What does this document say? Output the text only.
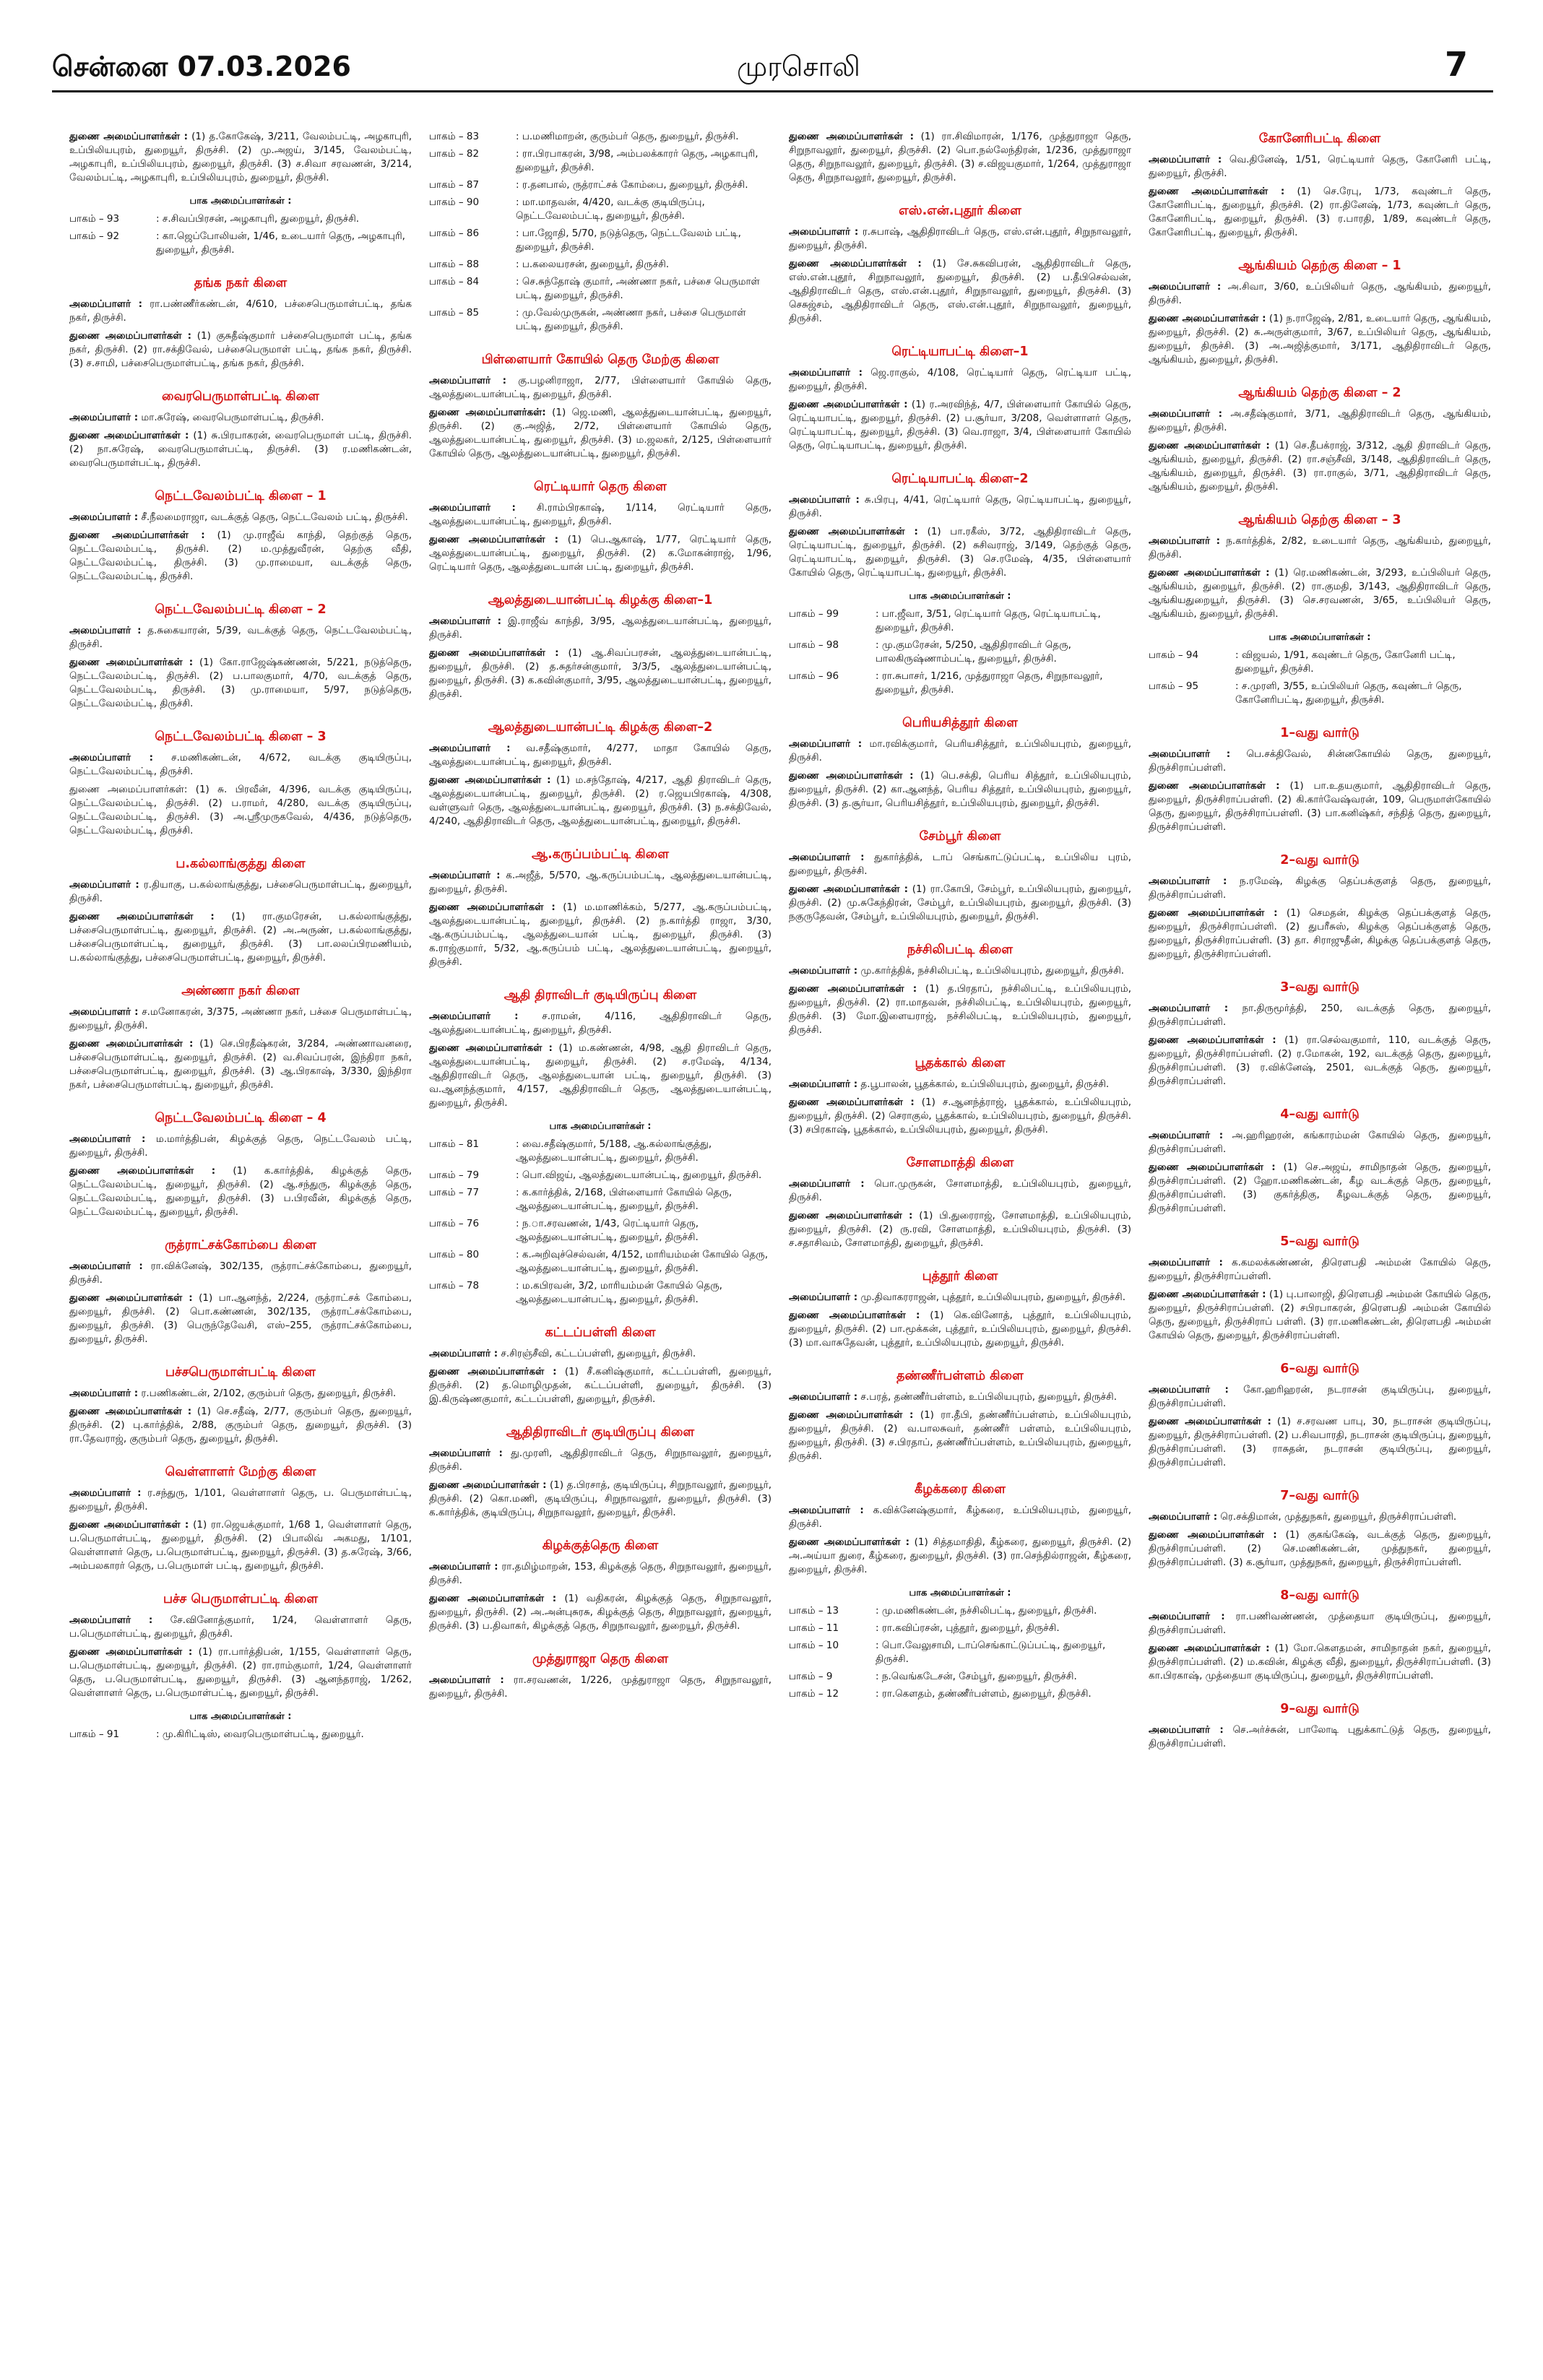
சென்னை 07.03.2026	முரசொலி	7
துணை அமைப்பாளர்கள் : (1) த.கோகேஷ், 3/211, வேலம்பட்டி, அழகாபுரி, உப்பிலியபுரம், துறையூர், திருச்சி. (2) மு.அஜய், 3/145, வேலம்பட்டி, அழகாபுரி, உப்பிலியபுரம், துறையூர், திருச்சி. (3) ச.சிவா சரவணன், 3/214, வேலம்பட்டி, அழகாபுரி, உப்பிலியபுரம், துறையூர், திருச்சி.
பாக அமைப்பாளர்கள் :
பாகம் – 93	: ச.சிவப்பிரசன், அழகாபுரி, துறையூர், திருச்சி.
பாகம் – 92	: கா.ஜெப்போலியன், 1/46, உடையார் தெரு, அழகாபுரி, துறையூர், திருச்சி.
தங்க நகர் கிளை
அமைப்பாளர் : ரா.பண்ணீர்கண்டன், 4/610, பச்சைபெருமாள்பட்டி, தங்க நகர், திருச்சி.
துணை அமைப்பாளர்கள் : (1) குசுதீஷ்குமார் பச்சைபெருமாள் பட்டி, தங்க நகர், திருச்சி. (2) ரா.சக்திவேல், பச்சைபெருமாள் பட்டி, தங்க நகர், திருச்சி. (3) ச.சாமி, பச்சைபெருமாள்பட்டி, தங்க நகர், திருச்சி.
வைரபெருமாள்பட்டி கிளை
அமைப்பாளர் : மா.சுரேஷ், வைரபெருமாள்பட்டி, திருச்சி.
துணை அமைப்பாளர்கள் : (1) சு.பிரபாகரன், வைரபெருமாள் பட்டி, திருச்சி. (2) நா.சுரேஷ், வைரபெருமாள்பட்டி, திருச்சி. (3) ர.மணிகண்டன், வைரபெருமாள்பட்டி, திருச்சி.
நெட்டவேலம்பட்டி கிளை – 1
அமைப்பாளர் : சீ.நீலமைராஜா, வடக்குத் தெரு, நெட்டவேலம் பட்டி, திருச்சி.
துணை அமைப்பாளர்கள் : (1) மு.ராஜீவ் காந்தி, தெற்குத் தெரு, நெட்டவேலம்பட்டி, திருச்சி. (2) ம.முத்துவீரன், தெற்கு வீதி, நெட்டவேலம்பட்டி, திருச்சி. (3) மு.ராமையா, வடக்குத் தெரு, நெட்டவேலம்பட்டி, திருச்சி.
நெட்டவேலம்பட்டி கிளை – 2
அமைப்பாளர் : த.சுகையாரன், 5/39, வடக்குத் தெரு, நெட்டவேலம்பட்டி, திருச்சி.
துணை அமைப்பாளர்கள் : (1) கோ.ராஜேஷ்கண்ணன், 5/221, நடுத்தெரு, நெட்டவேலம்பட்டி, திருச்சி. (2) ப.பாலகுமார், 4/70, வடக்குத் தெரு, நெட்டவேலம்பட்டி, திருச்சி. (3) மு.ராமையா, 5/97, நடுத்தெரு, நெட்டவேலம்பட்டி, திருச்சி.
நெட்டவேலம்பட்டி கிளை – 3
அமைப்பாளர் : ச.மணிகண்டன், 4/672, வடக்கு குடியிருப்பு, நெட்டவேலம்பட்டி, திருச்சி.
துணை அமைப்பாளர்கள்: (1) சு. பிரவீன், 4/396, வடக்கு குடியிருப்பு, நெட்டவேலம்பட்டி, திருச்சி. (2) ப.ராமர், 4/280, வடக்கு குடியிருப்பு, நெட்டவேலம்பட்டி, திருச்சி. (3) அ.ஸ்ரீமுருகவேல், 4/436, நடுத்தெரு, நெட்டவேலம்பட்டி, திருச்சி.
ப.கல்லாங்குத்து கிளை
அமைப்பாளர் : ர.தியாகு, ப.கல்லாங்குத்து, பச்சைபெருமாள்பட்டி, துறையூர், திருச்சி.
துணை அமைப்பாளர்கள் : (1) ரா.குமரேசன், ப.கல்லாங்குத்து, பச்சைபெருமாள்பட்டி, துறையூர், திருச்சி. (2) அ.அருண், ப.கல்லாங்குத்து, பச்சைபெருமாள்பட்டி, துறையூர், திருச்சி. (3) பா.லலப்பிரமணியம், ப.கல்லாங்குத்து, பச்சைபெருமாள்பட்டி, துறையூர், திருச்சி.
அண்ணா நகர் கிளை
அமைப்பாளர் : ச.மனோகரன், 3/375, அண்ணா நகர், பச்சை பெருமாள்பட்டி, துறையூர், திருச்சி.
துணை அமைப்பாளர்கள் : (1) செ.பிரதீஷ்கரன், 3/284, அண்ணாவனரை, பச்சைபெருமாள்பட்டி, துறையூர், திருச்சி. (2) வ.சிவப்பரன், இந்திரா நகர், பச்சைபெருமாள்பட்டி, துறையூர், திருச்சி. (3) ஆ.பிரகாஷ், 3/330, இந்திரா நகர், பச்சைபெருமாள்பட்டி, துறையூர், திருச்சி.
நெட்டவேலம்பட்டி கிளை – 4
அமைப்பாளர் : ம.மார்த்திபன், கிழக்குத் தெரு, நெட்டவேலம் பட்டி, துறையூர், திருச்சி.
துணை அமைப்பாளர்கள் : (1) க.கார்த்திக், கிழக்குத் தெரு, நெட்டவேலம்பட்டி, துறையூர், திருச்சி. (2) ஆ.சந்துரு, கிழக்குத் தெரு, நெட்டவேலம்பட்டி, துறையூர், திருச்சி. (3) ப.பிரவீன், கிழக்குத் தெரு, நெட்டவேலம்பட்டி, துறையூர், திருச்சி.
ருத்ராட்சக்கோம்பை கிளை
அமைப்பாளர் : ரா.விக்னேஷ், 302/135, ருத்ராட்சக்கோம்பை, துறையூர், திருச்சி.
துணை அமைப்பாளர்கள் : (1) பா.ஆனந்த், 2/224, ருத்ராட்சக் கோம்பை, துறையூர், திருச்சி. (2) பொ.கண்ணன், 302/135, ருத்ராட்சக்கோம்பை, துறையூர், திருச்சி. (3) பெருந்தேவேசி, எஸ்–255, ருத்ராட்சக்கோம்பை, துறையூர், திருச்சி.
பச்சபெருமாள்பட்டி கிளை
அமைப்பாளர் : ர.பணிகண்டன், 2/102, குரும்பர் தெரு, துறையூர், திருச்சி.
துணை அமைப்பாளர்கள் : (1) செ.சதீஷ், 2/77, குரும்பர் தெரு, துறையூர், திருச்சி. (2) பு.கார்த்திக், 2/88, குரும்பர் தெரு, துறையூர், திருச்சி. (3) ரா.தேவராஜ், குரும்பர் தெரு, துறையூர், திருச்சி.
வெள்ளாளர் மேற்கு கிளை
அமைப்பாளர் : ர.சந்துரு, 1/101, வெள்ளாளர் தெரு, ப. பெருமாள்பட்டி, துறையூர், திருச்சி.
துணை அமைப்பாளர்கள் : (1) ரா.ஜெயக்குமார், 1/68 1, வெள்ளாளர் தெரு, ப.பெருமாள்பட்டி, துறையூர், திருச்சி. (2) பிபாலிவ் அகமது, 1/101, வெள்ளாளர் தெரு, ப.பெருமாள்பட்டி, துறையூர், திருச்சி. (3) த.சுரேஷ், 3/66, அம்பலகாரர் தெரு, ப.பெருமாள் பட்டி, துறையூர், திருச்சி.
பச்ச பெருமாள்பட்டி கிளை
அமைப்பாளர் : சே.வினோத்குமார், 1/24, வெள்ளாளர் தெரு, ப.பெருமாள்பட்டி, துறையூர், திருச்சி.
துணை அமைப்பாளர்கள் : (1) ரா.பார்த்திபன், 1/155, வெள்ளாளர் தெரு, ப.பெருமாள்பட்டி, துறையூர், திருச்சி. (2) ரா.ராம்குமார், 1/24, வெள்ளாளர் தெரு, ப.பெருமாள்பட்டி, துறையூர், திருச்சி. (3) ஆனந்தராஜ், 1/262, வெள்ளாளர் தெரு, ப.பெருமாள்பட்டி, துறையூர், திருச்சி.
பாக அமைப்பாளர்கள் :
பாகம் – 91	: மு.கிரிட்டிஸ், வைரபெருமாள்பட்டி, துறையூர்.
பாகம் – 83	: ப.மணிமாறன், குரும்பர் தெரு, துறையூர், திருச்சி.
பாகம் – 82	: ரா.பிரபாகரன், 3/98, அம்பலக்காரர் தெரு, அழகாபுரி, துறையூர், திருச்சி.
பாகம் – 87	: ர.தனபால், ருத்ராட்சக் கோம்பை, துறையூர், திருச்சி.
பாகம் – 90	: மா.மாதவன், 4/420, வடக்கு குடியிருப்பு, நெட்டவேலம்பட்டி, துறையூர், திருச்சி.
பாகம் – 86	: பா.ஜோதி, 5/70, நடுத்தெரு, நெட்டவேலம் பட்டி, துறையூர், திருச்சி.
பாகம் – 88	: ப.கலையரசன், துறையூர், திருச்சி.
பாகம் – 84	: செ.சுந்தோஷ் குமார், அண்ணா நகர், பச்சை பெருமாள் பட்டி, துறையூர், திருச்சி.
பாகம் – 85	: மு.வேல்முருகன், அண்ணா நகர், பச்சை பெருமாள் பட்டி, துறையூர், திருச்சி.
பிள்ளையார் கோயில் தெரு மேற்கு கிளை
அமைப்பாளர் : கு.பழனிராஜா, 2/77, பிள்ளையார் கோயில் தெரு, ஆலத்துடையான்பட்டி, துறையூர், திருச்சி.
துணை அமைப்பாளர்கள்: (1) ஜெ.மணி, ஆலத்துடையான்பட்டி, துறையூர், திருச்சி. (2) கு.அஜித், 2/72, பிள்ளையார் கோயில் தெரு, ஆலத்துடையான்பட்டி, துறையூர், திருச்சி. (3) ம.ஜலகர், 2/125, பிள்ளையார் கோயில் தெரு, ஆலத்துடையான்பட்டி, துறையூர், திருச்சி.
ரெட்டியார் தெரு கிளை
அமைப்பாளர் : சி.ராம்பிரகாஷ், 1/114, ரெட்டியார் தெரு, ஆலத்துடையான்பட்டி, துறையூர், திருச்சி.
துணை அமைப்பாளர்கள் : (1) பெ.ஆகாஷ், 1/77, ரெட்டியார் தெரு, ஆலத்துடையான்பட்டி, துறையூர், திருச்சி. (2) க.மோகன்ராஜ், 1/96, ரெட்டியார் தெரு, ஆலத்துடையான் பட்டி, துறையூர், திருச்சி.
ஆலத்துடையான்பட்டி கிழக்கு கிளை–1
அமைப்பாளர் : இ.ராஜீவ் காந்தி, 3/95, ஆலத்துடையான்பட்டி, துறையூர், திருச்சி.
துணை அமைப்பாளர்கள் : (1) ஆ.சிவப்பரசன், ஆலத்துடையான்பட்டி, துறையூர், திருச்சி. (2) த.சுதர்சன்குமார், 3/3/5, ஆலத்துடையான்பட்டி, துறையூர், திருச்சி. (3) க.கவின்குமார், 3/95, ஆலத்துடையான்பட்டி, துறையூர், திருச்சி.
ஆலத்துடையான்பட்டி கிழக்கு கிளை–2
அமைப்பாளர் : வ.சதீஷ்குமார், 4/277, மாதா கோயில் தெரு, ஆலத்துடையான்பட்டி, துறையூர், திருச்சி.
துணை அமைப்பாளர்கள் : (1) ம.சந்தோஷ், 4/217, ஆதி திராவிடர் தெரு, ஆலத்துடையான்பட்டி, துறையூர், திருச்சி. (2) ர.ஜெயபிரகாஷ், 4/308, வள்ளுவர் தெரு, ஆலத்துடையான்பட்டி, துறையூர், திருச்சி. (3) ந.சக்திவேல், 4/240, ஆதிதிராவிடர் தெரு, ஆலத்துடையான்பட்டி, துறையூர், திருச்சி.
ஆ.கருப்பம்பட்டி கிளை
அமைப்பாளர் : க.அஜீத், 5/570, ஆ.கருப்பம்பட்டி, ஆலத்துடையான்பட்டி, துறையூர், திருச்சி.
துணை அமைப்பாளர்கள் : (1) ம.மாணிக்கம், 5/277, ஆ.கருப்பம்பட்டி, ஆலத்துடையான்பட்டி, துறையூர், திருச்சி. (2) ந.கார்த்தி ராஜா, 3/30, ஆ.கருப்பம்பட்டி, ஆலத்துடையான் பட்டி, துறையூர், திருச்சி. (3) க.ராஜ்குமார், 5/32, ஆ.கருப்பம் பட்டி, ஆலத்துடையான்பட்டி, துறையூர், திருச்சி.
ஆதி திராவிடர் குடியிருப்பு கிளை
அமைப்பாளர் : ச.ராமன், 4/116, ஆதிதிராவிடர் தெரு, ஆலத்துடையான்பட்டி, துறையூர், திருச்சி.
துணை அமைப்பாளர்கள் : (1) ம.கண்ணன், 4/98, ஆதி திராவிடர் தெரு, ஆலத்துடையான்பட்டி, துறையூர், திருச்சி. (2) ச.ரமேஷ், 4/134, ஆதிதிராவிடர் தெரு, ஆலத்துடையான் பட்டி, துறையூர், திருச்சி. (3) வ.ஆனந்த்குமார், 4/157, ஆதிதிராவிடர் தெரு, ஆலத்துடையான்பட்டி, துறையூர், திருச்சி.
பாக அமைப்பாளர்கள் :
பாகம் – 81	: வை.சதீஷ்குமார், 5/188, ஆ.கல்லாங்குத்து, ஆலத்துடையான்பட்டி, துறையூர், திருச்சி.
பாகம் – 79	: பொ.விஜய், ஆலத்துடையான்பட்டி, துறையூர், திருச்சி.
பாகம் – 77	: க.கார்த்திக், 2/168, பிள்ளையார் கோயில் தெரு, ஆலத்துடையான்பட்டி, துறையூர், திருச்சி.
பாகம் – 76	: ந.ா.சரவணன், 1/43, ரெட்டியார் தெரு, ஆலத்துடையான்பட்டி, துறையூர், திருச்சி.
பாகம் – 80	: க.அறிவுச்செல்வன், 4/152, மாரியம்மன் கோயில் தெரு, ஆலத்துடையான்பட்டி, துறையூர், திருச்சி.
பாகம் – 78	: ம.கபிரவன், 3/2, மாரியம்மன் கோயில் தெரு, ஆலத்துடையான்பட்டி, துறையூர், திருச்சி.
கட்டப்பள்ளி கிளை
அமைப்பாளர் : ச.சிரஞ்சீவி, கட்டப்பள்ளி, துறையூர், திருச்சி.
துணை அமைப்பாளர்கள் : (1) சீ.கனிஷ்குமார், கட்டப்பள்ளி, துறையூர், திருச்சி. (2) த.மொழிமுதன், கட்டப்பள்ளி, துறையூர், திருச்சி. (3) இ.கிருஷ்ணகுமார், கட்டப்பள்ளி, துறையூர், திருச்சி.
ஆதிதிராவிடர் குடியிருப்பு கிளை
அமைப்பாளர் : து.முரளி, ஆதிதிராவிடர் தெரு, சிறுநாவலூர், துறையூர், திருச்சி.
துணை அமைப்பாளர்கள் : (1) த.பிரசாத், குடியிருப்பு, சிறுநாவலூர், துறையூர், திருச்சி. (2) கொ.மணி, குடியிருப்பு, சிறுநாவலூர், துறையூர், திருச்சி. (3) க.கார்த்திக், குடியிருப்பு, சிறுநாவலூர், துறையூர், திருச்சி.
கிழக்குத்தெரு கிளை
அமைப்பாளர் : ரா.தமிழ்மாறன், 153, கிழக்குத் தெரு, சிறுநாவலூர், துறையூர், திருச்சி.
துணை அமைப்பாளர்கள் : (1) வதிகரன், கிழக்குத் தெரு, சிறுநாவலூர், துறையூர், திருச்சி. (2) அ.அன்புசுரசு, கிழக்குத் தெரு, சிறுநாவலூர், துறையூர், திருச்சி. (3) ப.திவாகர், கிழக்குத் தெரு, சிறுநாவலூர், துறையூர், திருச்சி.
முத்துராஜா தெரு கிளை
அமைப்பாளர் : ரா.சரவணன், 1/226, முத்துராஜா தெரு, சிறுநாவலூர், துறையூர், திருச்சி.
துணை அமைப்பாளர்கள் : (1) ரா.சிவிமாரன், 1/176, முத்துராஜா தெரு, சிறுநாவலூர், துறையூர், திருச்சி. (2) பொ.நல்லேந்திரன், 1/236, முத்துராஜா தெரு, சிறுநாவலூர், துறையூர், திருச்சி. (3) ச.விஜயகுமார், 1/264, முத்துராஜா தெரு, சிறுநாவலூர், துறையூர், திருச்சி.
எஸ்.என்.புதூர் கிளை
அமைப்பாளர் : ர.சுபாஷ், ஆதிதிராவிடர் தெரு, எஸ்.என்.புதூர், சிறுநாவலூர், துறையூர், திருச்சி.
துணை அமைப்பாளர்கள் : (1) சே.சுகவிபரன், ஆதிதிராவிடர் தெரு, எஸ்.என்.புதூர், சிறுநாவலூர், துறையூர், திருச்சி. (2) ப.தீபிசெல்வன், ஆதிதிராவிடர் தெரு, எஸ்.என்.புதூர், சிறுநாவலூர், துறையூர், திருச்சி. (3) செசுஜ்சம், ஆதிதிராவிடர் தெரு, எஸ்.என்.புதூர், சிறுநாவலூர், துறையூர், திருச்சி.
ரெட்டியாபட்டி கிளை–1
அமைப்பாளர் : ஜெ.ராகுல், 4/108, ரெட்டியார் தெரு, ரெட்டியா பட்டி, துறையூர், திருச்சி.
துணை அமைப்பாளர்கள் : (1) ர.அரவிந்த், 4/7, பிள்ளையார் கோயில் தெரு, ரெட்டியாபட்டி, துறையூர், திருச்சி. (2) ப.சூர்யா, 3/208, வெள்ளாளர் தெரு, ரெட்டியாபட்டி, துறையூர், திருச்சி. (3) வெ.ராஜா, 3/4, பிள்ளையார் கோயில் தெரு, ரெட்டியாபட்டி, துறையூர், திருச்சி.
ரெட்டியாபட்டி கிளை–2
அமைப்பாளர் : சு.பிரபு, 4/41, ரெட்டியார் தெரு, ரெட்டியாபட்டி, துறையூர், திருச்சி.
துணை அமைப்பாளர்கள் : (1) பா.ரகீஸ், 3/72, ஆதிதிராவிடர் தெரு, ரெட்டியாபட்டி, துறையூர், திருச்சி. (2) சுசிவராஜ், 3/149, தெற்குத் தெரு, ரெட்டியாபட்டி, துறையூர், திருச்சி. (3) செ.ரமேஷ், 4/35, பிள்ளையார் கோயில் தெரு, ரெட்டியாபட்டி, துறையூர், திருச்சி.
பாக அமைப்பாளர்கள் :
பாகம் – 99	: பா.ஜீவா, 3/51, ரெட்டியார் தெரு, ரெட்டியாபட்டி, துறையூர், திருச்சி.
பாகம் – 98	: மு.குமரேசன், 5/250, ஆதிதிராவிடர் தெரு, பாலகிருஷ்ணாம்பட்டி, துறையூர், திருச்சி.
பாகம் – 96	: ரா.சுபாசர், 1/216, முத்துராஜா தெரு, சிறுநாவலூர், துறையூர், திருச்சி.
பெரியசித்தூர் கிளை
அமைப்பாளர் : மா.ரவிக்குமார், பெரியசித்தூர், உப்பிலியபுரம், துறையூர், திருச்சி.
துணை அமைப்பாளர்கள் : (1) பெ.சக்தி, பெரிய சித்தூர், உப்பிலியபுரம், துறையூர், திருச்சி. (2) கா.ஆனந்த், பெரிய சித்தூர், உப்பிலியபுரம், துறையூர், திருச்சி. (3) த.சூர்யா, பெரியசித்தூர், உப்பிலியபுரம், துறையூர், திருச்சி.
சேம்பூர் கிளை
அமைப்பாளர் : துகார்த்திக், டாப் செங்காட்டுப்பட்டி, உப்பிலிய புரம், துறையூர், திருச்சி.
துணை அமைப்பாளர்கள் : (1) ரா.கோபி, சேம்பூர், உப்பிலியபுரம், துறையூர், திருச்சி. (2) மு.சுகேந்திரன், சேம்பூர், உப்பிலியபுரம், துறையூர், திருச்சி. (3) நகுருதேவன், சேம்பூர், உப்பிலியபுரம், துறையூர், திருச்சி.
நச்சிலிபட்டி கிளை
அமைப்பாளர் : மு.கார்த்திக், நச்சிலிபட்டி, உப்பிலியபுரம், துறையூர், திருச்சி.
துணை அமைப்பாளர்கள் : (1) த.பிரதாப், நச்சிலிபட்டி, உப்பிலியபுரம், துறையூர், திருச்சி. (2) ரா.மாதவன், நச்சிலிபட்டி, உப்பிலியபுரம், துறையூர், திருச்சி. (3) மோ.இளையராஜ், நச்சிலிபட்டி, உப்பிலியபுரம், துறையூர், திருச்சி.
பூதக்கால் கிளை
அமைப்பாளர் : த.பூபாலன், பூதக்கால், உப்பிலியபுரம், துறையூர், திருச்சி.
துணை அமைப்பாளர்கள் : (1) ச.ஆனந்த்ராஜ், பூதக்கால், உப்பிலியபுரம், துறையூர், திருச்சி. (2) செராகுல், பூதக்கால், உப்பிலியபுரம், துறையூர், திருச்சி. (3) சபிரகாஷ், பூதக்கால், உப்பிலியபுரம், துறையூர், திருச்சி.
சோளமாத்தி கிளை
அமைப்பாளர் : பொ.முருகன், சோளமாத்தி, உப்பிலியபுரம், துறையூர், திருச்சி.
துணை அமைப்பாளர்கள் : (1) பி.துரைராஜ், சோளமாத்தி, உப்பிலியபுரம், துறையூர், திருச்சி. (2) ரு.ரவி, சோளமாத்தி, உப்பிலியபுரம், திருச்சி. (3) ச.சதாசிவம், சோளமாத்தி, துறையூர், திருச்சி.
புத்தூர் கிளை
அமைப்பாளர் : மு.திவாகரராஜன், புத்தூர், உப்பிலியபுரம், துறையூர், திருச்சி.
துணை அமைப்பாளர்கள் : (1) கெ.வினோத், புத்தூர், உப்பிலியபுரம், துறையூர், திருச்சி. (2) பா.மூக்கன், புத்தூர், உப்பிலியபுரம், துறையூர், திருச்சி. (3) மா.வாசுதேவன், புத்தூர், உப்பிலியபுரம், துறையூர், திருச்சி.
தண்ணீர்பள்ளம் கிளை
அமைப்பாளர் : ச.பரத், தண்ணீர்பள்ளம், உப்பிலியபுரம், துறையூர், திருச்சி.
துணை அமைப்பாளர்கள் : (1) ரா.தீபி, தண்ணீர்ப்பள்ளம், உப்பிலியபுரம், துறையூர், திருச்சி. (2) வ.பாலசுவர், தண்ணீர் பள்ளம், உப்பிலியபுரம், துறையூர், திருச்சி. (3) ச.பிரதாப், தண்ணீர்ப்பள்ளம், உப்பிலியபுரம், துறையூர், திருச்சி.
கீழக்கரை கிளை
அமைப்பாளர் : க.விக்னேஷ்குமார், கீழ்கரை, உப்பிலியபுரம், துறையூர், திருச்சி.
துணை அமைப்பாளர்கள் : (1) சித்தமாதிதி, கீழ்கரை, துறையூர், திருச்சி. (2) அ.அய்யா துரை, கீழ்கரை, துறையூர், திருச்சி. (3) ரா.செந்தில்ராஜன், கீழ்கரை, துறையூர், திருச்சி.
பாக அமைப்பாளர்கள் :
பாகம் – 13	: மு.மணிகண்டன், நச்சிலிபட்டி, துறையூர், திருச்சி.
பாகம் – 11	: ரா.கவிப்ரசன், புத்தூர், துறையூர், திருச்சி.
பாகம் – 10	: பொ.வேலுசாமி, டாப்செங்காட்டுப்பட்டி, துறையூர், திருச்சி.
பாகம் – 9	: ந.வெங்கடேசன், சேம்பூர், துறையூர், திருச்சி.
பாகம் – 12	: ரா.கௌதம், தண்ணீர்பள்ளம், துறையூர், திருச்சி.
கோனேரிபட்டி கிளை
அமைப்பாளர் : வெ.தினேஷ், 1/51, ரெட்டியார் தெரு, கோனேரி பட்டி, துறையூர், திருச்சி.
துணை அமைப்பாளர்கள் : (1) செ.ரேபு, 1/73, கவுண்டர் தெரு, கோனேரிபட்டி, துறையூர், திருச்சி. (2) ரா.தினேஷ், 1/73, கவுண்டர் தெரு, கோனேரிபட்டி, துறையூர், திருச்சி. (3) ர.பாரதி, 1/89, கவுண்டர் தெரு, கோனேரிபட்டி, துறையூர், திருச்சி.
ஆங்கியம் தெற்கு கிளை – 1
அமைப்பாளர் : அ.சிவா, 3/60, உப்பிலியர் தெரு, ஆங்கியம், துறையூர், திருச்சி.
துணை அமைப்பாளர்கள் : (1) ந.ராஜேஷ், 2/81, உடையார் தெரு, ஆங்கியம், துறையூர், திருச்சி. (2) சு.அருள்குமார், 3/67, உப்பிலியர் தெரு, ஆங்கியம், துறையூர், திருச்சி. (3) அ.அஜித்குமார், 3/171, ஆதிதிராவிடர் தெரு, ஆங்கியம், துறையூர், திருச்சி.
ஆங்கியம் தெற்கு கிளை – 2
அமைப்பாளர் : அ.சதீஷ்குமார், 3/71, ஆதிதிராவிடர் தெரு, ஆங்கியம், துறையூர், திருச்சி.
துணை அமைப்பாளர்கள் : (1) செ.தீபக்ராஜ், 3/312, ஆதி திராவிடர் தெரு, ஆங்கியம், துறையூர், திருச்சி. (2) ரா.சஞ்சீவி, 3/148, ஆதிதிராவிடர் தெரு, ஆங்கியம், துறையூர், திருச்சி. (3) ரா.ராகுல், 3/71, ஆதிதிராவிடர் தெரு, ஆங்கியம், துறையூர், திருச்சி.
ஆங்கியம் தெற்கு கிளை – 3
அமைப்பாளர் : ந.கார்த்திக், 2/82, உடையார் தெரு, ஆங்கியம், துறையூர், திருச்சி.
துணை அமைப்பாளர்கள் : (1) ரெ.மணிகண்டன், 3/293, உப்பிலியர் தெரு, ஆங்கியம், துறையூர், திருச்சி. (2) ரா.குமதி, 3/143, ஆதிதிராவிடர் தெரு, ஆங்கியதுறையூர், திருச்சி. (3) செ.சரவணன், 3/65, உப்பிலியர் தெரு, ஆங்கியம், துறையூர், திருச்சி.
பாக அமைப்பாளர்கள் :
பாகம் – 94	: விஜயல், 1/91, கவுண்டர் தெரு, கோனேரி பட்டி, துறையூர், திருச்சி.
பாகம் – 95	: ச.முரளி, 3/55, உப்பிலியர் தெரு, கவுண்டர் தெரு, கோனேரிபட்டி, துறையூர், திருச்சி.
1–வது வார்டு
அமைப்பாளர் : பெ.சக்திவேல், சின்னகோயில் தெரு, துறையூர், திருச்சிராப்பள்ளி.
துணை அமைப்பாளர்கள் : (1) பா.உதயகுமார், ஆதிதிராவிடர் தெரு, துறையூர், திருச்சிராப்பள்ளி. (2) கி.கார்வேஷ்வரன், 109, பெருமாள்கோயில் தெரு, துறையூர், திருச்சிராப்பள்ளி. (3) பா.கனிஷ்கர், சந்தித் தெரு, துறையூர், திருச்சிராப்பள்ளி.
2–வது வார்டு
அமைப்பாளர் : ந.ரமேஷ், கிழக்கு தெப்பக்குளத் தெரு, துறையூர், திருச்சிராப்பள்ளி.
துணை அமைப்பாளர்கள் : (1) செமதன், கிழக்கு தெப்பக்குளத் தெரு, துறையூர், திருச்சிராப்பள்ளி. (2) துபரீசுஸ், கிழக்கு தெப்பக்குளத் தெரு, துறையூர், திருச்சிராப்பள்ளி. (3) தா. சிராஜுதீன், கிழக்கு தெப்பக்குளத் தெரு, துறையூர், திருச்சிராப்பள்ளி.
3–வது வார்டு
அமைப்பாளர் : நா.திருமூர்த்தி, 250, வடக்குத் தெரு, துறையூர், திருச்சிராப்பள்ளி.
துணை அமைப்பாளர்கள் : (1) ரா.செல்வகுமார், 110, வடக்குத் தெரு, துறையூர், திருச்சிராப்பள்ளி. (2) ர.மோகன், 192, வடக்குத் தெரு, துறையூர், திருச்சிராப்பள்ளி. (3) ர.விக்னேஷ், 2501, வடக்குத் தெரு, துறையூர், திருச்சிராப்பள்ளி.
4–வது வார்டு
அமைப்பாளர் : அ.ஹரிஹரன், கங்காரம்மன் கோயில் தெரு, துறையூர், திருச்சிராப்பள்ளி.
துணை அமைப்பாளர்கள் : (1) செ.அஜய், சாமிநாதன் தெரு, துறையூர், திருச்சிராப்பள்ளி. (2) ஹோ.மணிகண்டன், கீழ வடக்குத் தெரு, துறையூர், திருச்சிராப்பள்ளி. (3) குகர்த்திகு, கீழவடக்குத் தெரு, துறையூர், திருச்சிராப்பள்ளி.
5–வது வார்டு
அமைப்பாளர் : க.கமலக்கண்ணன், திரௌபதி அம்மன் கோயில் தெரு, துறையூர், திருச்சிராப்பள்ளி.
துணை அமைப்பாளர்கள் : (1) பு.பாலாஜி, திரௌபதி அம்மன் கோயில் தெரு, துறையூர், திருச்சிராப்பள்ளி. (2) சபிரபாகரன், திரௌபதி அம்மன் கோயில் தெரு, துறையூர், திருச்சிராப் பள்ளி. (3) ரா.மணிகண்டன், திரௌபதி அம்மன் கோயில் தெரு, துறையூர், திருச்சிராப்பள்ளி.
6–வது வார்டு
அமைப்பாளர் : கோ.ஹரிஹரன், நடராசன் குடியிருப்பு, துறையூர், திருச்சிராப்பள்ளி.
துணை அமைப்பாளர்கள் : (1) ச.சரவண பாபு, 30, நடராசன் குடியிருப்பு, துறையூர், திருச்சிராப்பள்ளி. (2) ப.சிவபாரதி, நடராசன் குடியிருப்பு, துறையூர், திருச்சிராப்பள்ளி. (3) ராசுதன், நடராசன் குடியிருப்பு, துறையூர், திருச்சிராப்பள்ளி.
7–வது வார்டு
அமைப்பாளர் : ரெ.சக்திமான், முத்துநகர், துறையூர், திருச்சிராப்பள்ளி.
துணை அமைப்பாளர்கள் : (1) குகங்கேஷ், வடக்குத் தெரு, துறையூர், திருச்சிராப்பள்ளி. (2) செ.மணிகண்டன், முத்துநகர், துறையூர், திருச்சிராப்பள்ளி. (3) க.சூர்யா, முத்துநகர், துறையூர், திருச்சிராப்பள்ளி.
8–வது வார்டு
அமைப்பாளர் : ரா.பணிவண்ணன், முத்தையா குடியிருப்பு, துறையூர், திருச்சிராப்பள்ளி.
துணை அமைப்பாளர்கள் : (1) மோ.கௌதமன், சாமிநாதன் நகர், துறையூர், திருச்சிராப்பள்ளி. (2) ம.கவின், கிழக்கு வீதி, துறையூர், திருச்சிராப்பள்ளி. (3) கா.பிரகாஷ், முத்தையா குடியிருப்பு, துறையூர், திருச்சிராப்பள்ளி.
9–வது வார்டு
அமைப்பாளர் : செ.அர்ச்சுன், பாலோடி புதுக்காட்டுத் தெரு, துறையூர், திருச்சிராப்பள்ளி.
